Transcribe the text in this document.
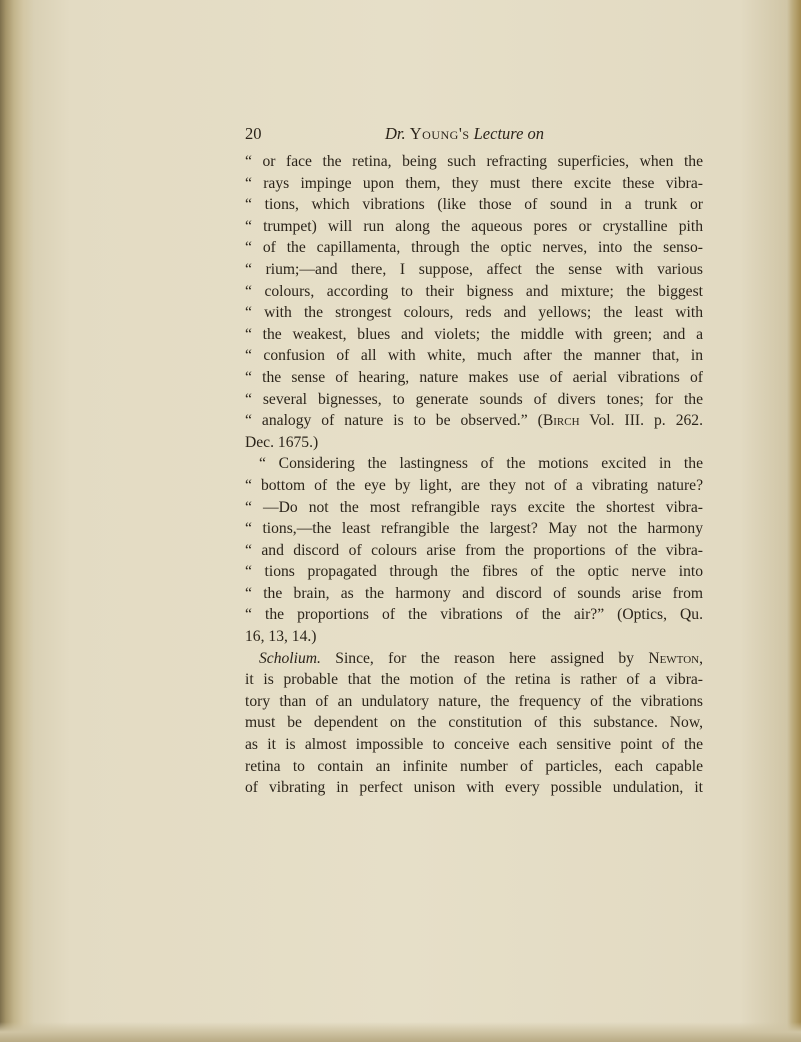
20	Dr. Young's Lecture on
“ or face the retina, being such refracting superficies, when the
“ rays impinge upon them, they must there excite these vibra-
“ tions, which vibrations (like those of sound in a trunk or
“ trumpet) will run along the aqueous pores or crystalline pith
“ of the capillamenta, through the optic nerves, into the senso-
“ rium;—and there, I suppose, affect the sense with various
“ colours, according to their bigness and mixture; the biggest
“ with the strongest colours, reds and yellows; the least with
“ the weakest, blues and violets; the middle with green; and a
“ confusion of all with white, much after the manner that, in
“ the sense of hearing, nature makes use of aerial vibrations of
“ several bignesses, to generate sounds of divers tones; for the
“ analogy of nature is to be observed.” (Birch Vol. III. p. 262.
Dec. 1675.)
“ Considering the lastingness of the motions excited in the
“ bottom of the eye by light, are they not of a vibrating nature?
“ —Do not the most refrangible rays excite the shortest vibra-
“ tions,—the least refrangible the largest? May not the harmony
“ and discord of colours arise from the proportions of the vibra-
“ tions propagated through the fibres of the optic nerve into
“ the brain, as the harmony and discord of sounds arise from
“ the proportions of the vibrations of the air?” (Optics, Qu.
16, 13, 14.)
Scholium. Since, for the reason here assigned by Newton,
it is probable that the motion of the retina is rather of a vibra-
tory than of an undulatory nature, the frequency of the vibrations
must be dependent on the constitution of this substance. Now,
as it is almost impossible to conceive each sensitive point of the
retina to contain an infinite number of particles, each capable
of vibrating in perfect unison with every possible undulation, it
